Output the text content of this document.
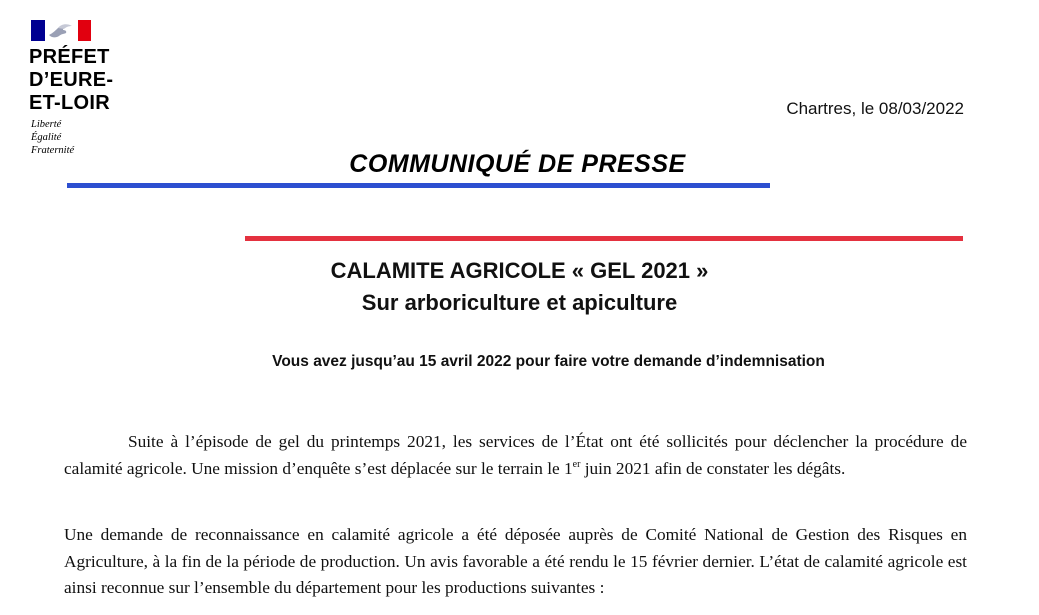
PRÉFET
D’EURE-
ET-LOIR
Liberté
Égalité
Fraternité
Chartres, le 08/03/2022
COMMUNIQUÉ DE PRESSE
CALAMITE AGRICOLE « GEL 2021 »
Sur arboriculture et apiculture
Vous avez jusqu’au 15 avril 2022 pour faire votre demande d’indemnisation
Suite à l’épisode de gel du printemps 2021, les services de l’État ont été sollicités pour déclencher la procédure de calamité agricole. Une mission d’enquête s’est déplacée sur le terrain le 1er juin 2021 afin de constater les dégâts.
Une demande de reconnaissance en calamité agricole a été déposée auprès de Comité National de Gestion des Risques en Agriculture, à la fin de la période de production. Un avis favorable a été rendu le 15 février dernier. L’état de calamité agricole est ainsi reconnue sur l’ensemble du département pour les productions suivantes :
